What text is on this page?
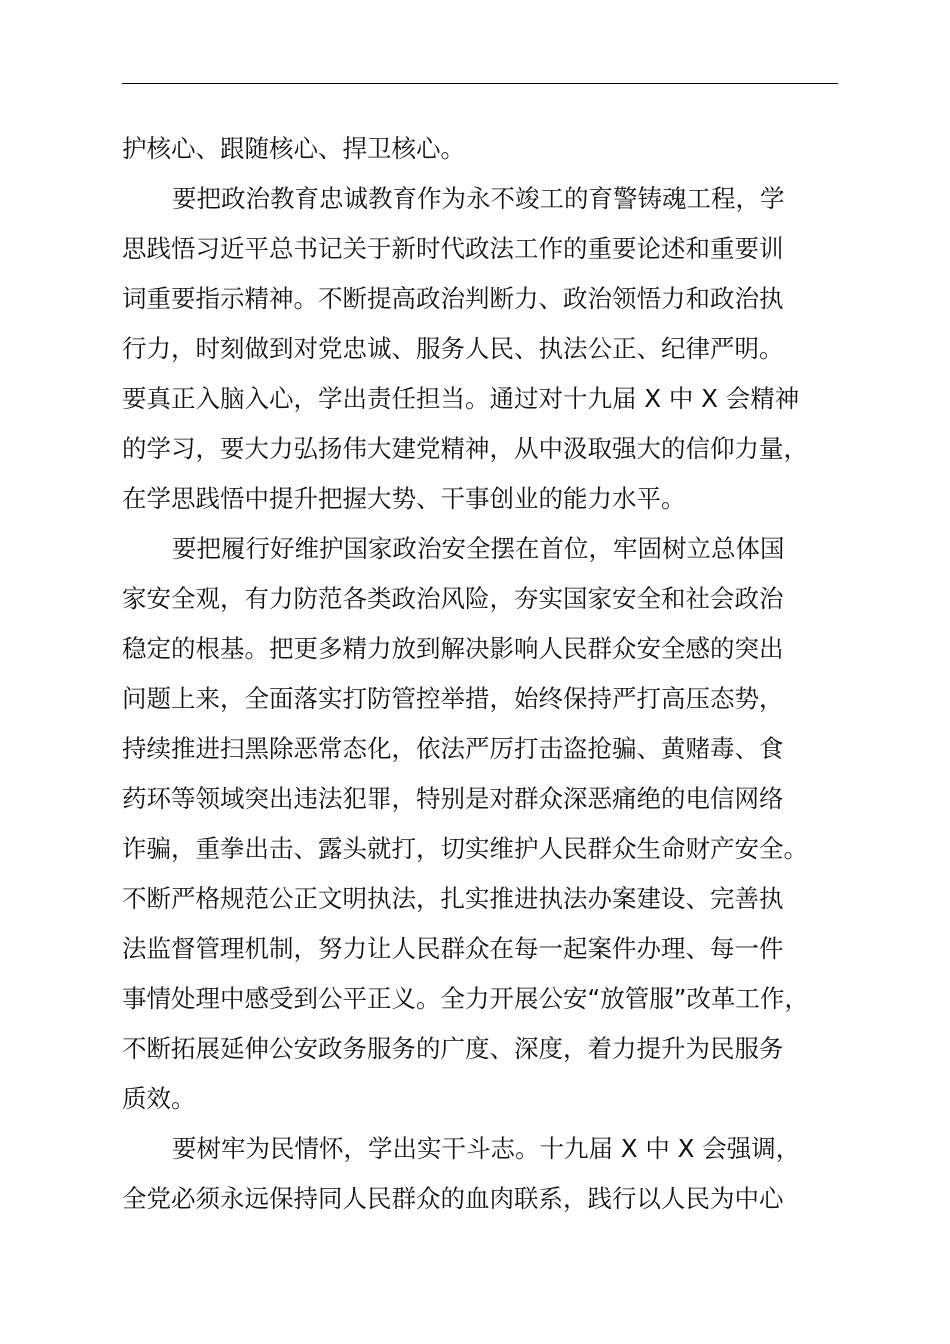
护核心、跟随核心、捍卫核心。
要把政治教育忠诚教育作为永不竣工的育警铸魂工程，学
思践悟习近平总书记关于新时代政法工作的重要论述和重要训
词重要指示精神。不断提高政治判断力、政治领悟力和政治执
行力，时刻做到对党忠诚、服务人民、执法公正、纪律严明。
要真正入脑入心，学出责任担当。通过对十九届 X 中 X 会精神
的学习，要大力弘扬伟大建党精神，从中汲取强大的信仰力量，
在学思践悟中提升把握大势、干事创业的能力水平。
要把履行好维护国家政治安全摆在首位，牢固树立总体国
家安全观，有力防范各类政治风险，夯实国家安全和社会政治
稳定的根基。把更多精力放到解决影响人民群众安全感的突出
问题上来，全面落实打防管控举措，始终保持严打高压态势，
持续推进扫黑除恶常态化，依法严厉打击盗抢骗、黄赌毒、食
药环等领域突出违法犯罪，特别是对群众深恶痛绝的电信网络
诈骗，重拳出击、露头就打，切实维护人民群众生命财产安全。
不断严格规范公正文明执法，扎实推进执法办案建设、完善执
法监督管理机制，努力让人民群众在每一起案件办理、每一件
事情处理中感受到公平正义。全力开展公安“放管服”改革工作，
不断拓展延伸公安政务服务的广度、深度，着力提升为民服务
质效。
要树牢为民情怀，学出实干斗志。十九届 X 中 X 会强调，
全党必须永远保持同人民群众的血肉联系，践行以人民为中心
